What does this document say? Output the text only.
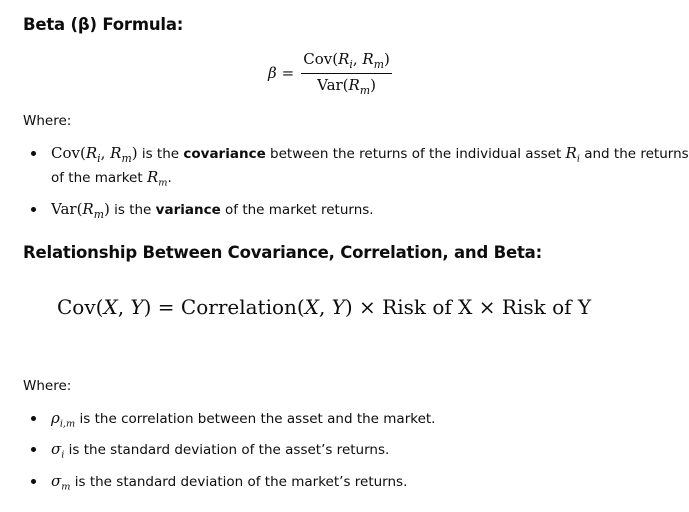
Beta (β) Formula:
$\beta = \frac{Cov(R_i, R_m)}{Var(R_m)}$
Where:
$Cov(R_i$, $R_m$) is the covariance between the returns of the individual asset $R_i$ and the returns
of the market $R_m$.
$Var(R_m)$ is the variance of the market returns.
Relationship Between Covariance, Correlation, and Beta:
Cov(X, Y) = Correlation(X, Y) × Risk of X × Risk of Y
Where:
$\rho_{i,m}$ is the correlation between the asset and the market.
$\sigma_i$ is the standard deviation of the asset’s returns.
$\sigma_m$ is the standard deviation of the market’s returns.
